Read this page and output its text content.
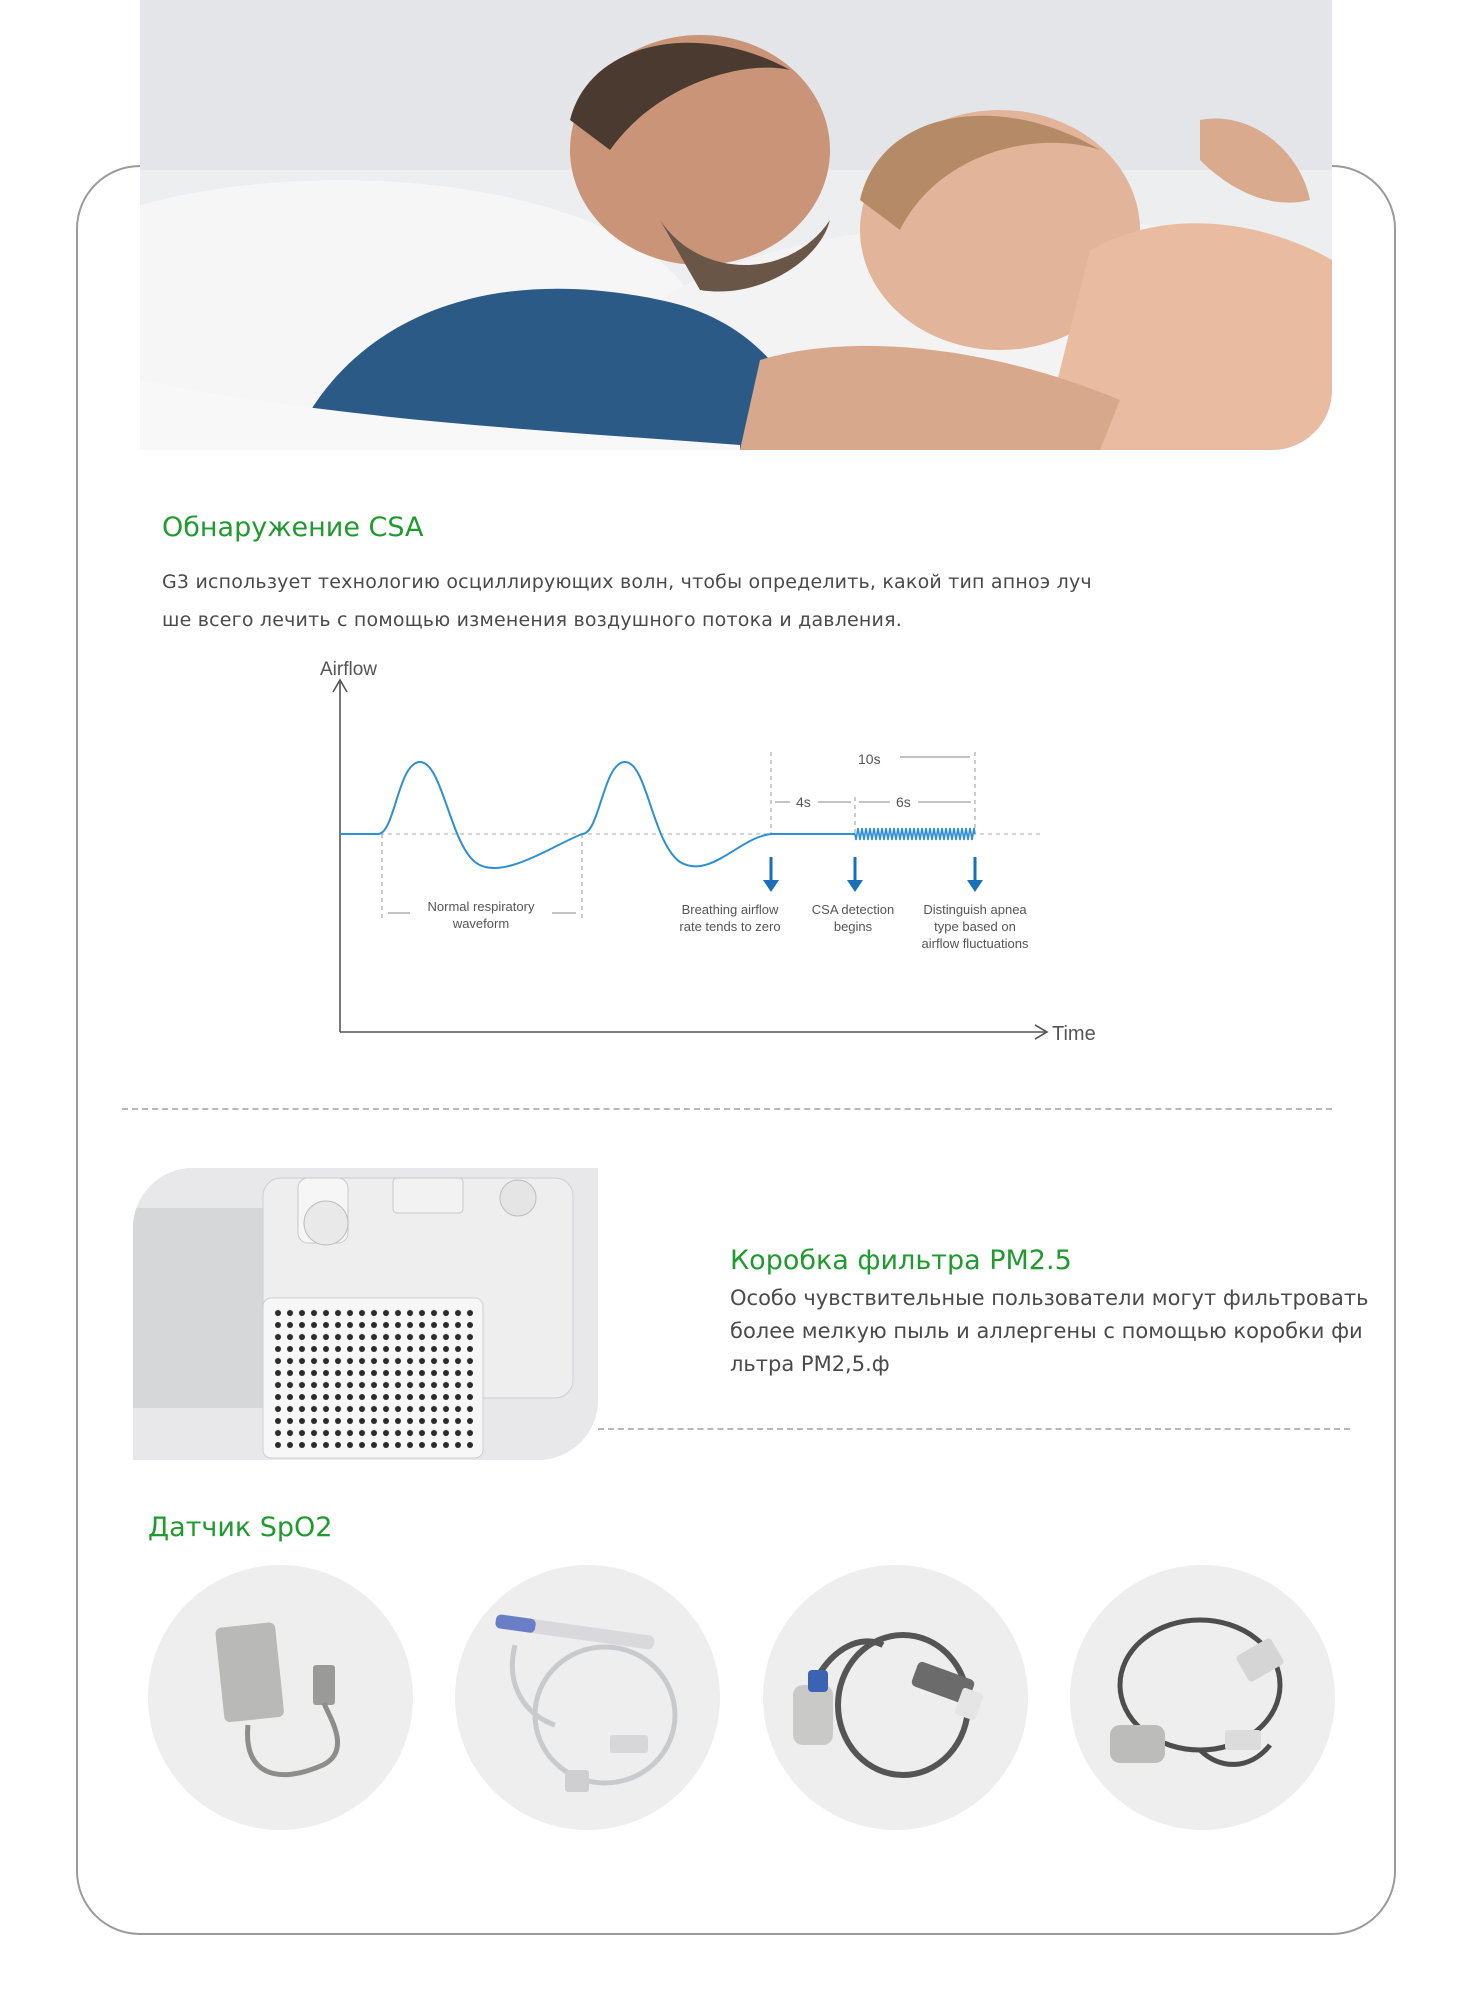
Обнаружение CSA

G3 использует технологию осциллирующих волн, чтобы определить, какой тип апноэ луч
ше всего лечить с помощью изменения воздушного потока и давления.

Airflow
Time
10s
4s	6s
Normal respiratory
waveform
Breathing airflow
rate tends to zero
CSA detection
begins
Distinguish apnea
type based on
airflow fluctuations
Коробка фильтра PM2.5

Особо чувствительные пользователи могут фильтровать
более мелкую пыль и аллергены с помощью коробки фи
льтра PM2,5.ф

Датчик SpO2
